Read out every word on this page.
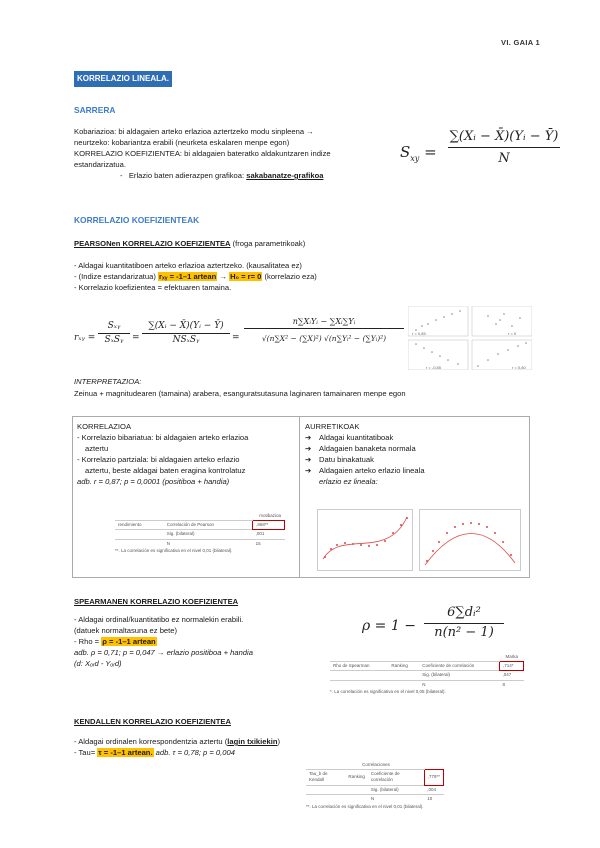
VI. GAIA 1
KORRELAZIO LINEALA.
SARRERA
Kobariazioa: bi aldagaien arteko erlazioa aztertzeko modu sinpleena →
neurtzeko: kobariantza erabili (neurketa eskalaren menpe egon)
KORRELAZIO KOEFIZIENTEA: bi aldagaien bateratko aldakuntzaren indize
estandarizatua.
-   Erlazio baten adierazpen grafikoa: sakabanatze-grafikoa
$S_{xy}$ =
∑(Xᵢ − X̄)(Yᵢ − Ȳ)
N
KORRELAZIO KOEFIZIENTEAK
PEARSONen KORRELAZIO KOEFIZIENTEA (froga parametrikoak)
- Aldagai kuantitatiboen arteko erlazioa aztertzeko. (kausalitatea ez)
- (Indize estandarizatua) rₓᵧ = -1–1 artean → H₀ = r= 0 (korrelazio eza)
- Korrelazio koefizientea = efektuaren tamaina.
rₓᵧ =
Sₓᵧ
SₓSᵧ =
∑(Xᵢ − X̄)(Yᵢ − Ȳ)
NSₓSᵧ	=
n∑XᵢYᵢ − ∑Xᵢ∑Yᵢ
√(n∑X² − (∑X)²) √(n∑Yᵢ² − (∑Yᵢ)²)
r = 0,85	r = 0
r = -0,85	r = 0,80
INTERPRETAZIOA:
Zeinua + magnitudearen (tamaina) arabera, esanguratsutasuna laginaren tamainaren menpe egon
KORRELAZIOA
- Korrelazio bibariatua: bi aldagaien arteko erlazioa
aztertu
- Korrelazio partziala: bi aldagaien arteko erlazio
aztertu, beste aldagai baten eragina kontrolatuz
adb. r = 0,87; p = 0,0001 (positiboa + handia)
motibazioa
rendimiento	Correlación de Pearson	,868**
	Sig. (bilateral)	,001
	N	15
**. La correlación es significativa en el nivel 0,01 (bilateral).
AURRETIKOAK
➔ Aldagai kuantitatiboak
➔ Aldagaien banaketa normala
➔ Datu binakatuak
➔ Aldagaien arteko erlazio lineala
erlazio ez lineala:
SPEARMANEN KORRELAZIO KOEFIZIENTEA
- Aldagai ordinal/kuantitatibo ez normalekin erabili.
(datuek normaltasuna ez bete)
- Rho = ρ = -1–1 artean
adb. ρ = 0,71; p = 0,047 → erlazio positiboa + handia
(d: Xₒᵣd - Yₒᵣd)
ρ = 1 −
6∑dᵢ²
n(n² − 1)
Marka
Rho de Spearman	Ranking	Coeficiente de correlación	,714*
		Sig. (bilateral)	,047
		N	8
*. La correlación es significativa en el nivel 0,05 (bilateral).
KENDALLEN KORRELAZIO KOEFIZIENTEA
- Aldagai ordinalen korrespondentzia aztertu (lagin txikiekin)
- Tau= τ = -1–1 artean. adb. τ = 0,78; p = 0,004
Correlaciones
Tau_b de Kendall	Ranking	Coeficiente de correlación	,778**
		Sig. (bilateral)	,004
		N	10
**. La correlación es significativa en el nivel 0,01 (bilateral).
